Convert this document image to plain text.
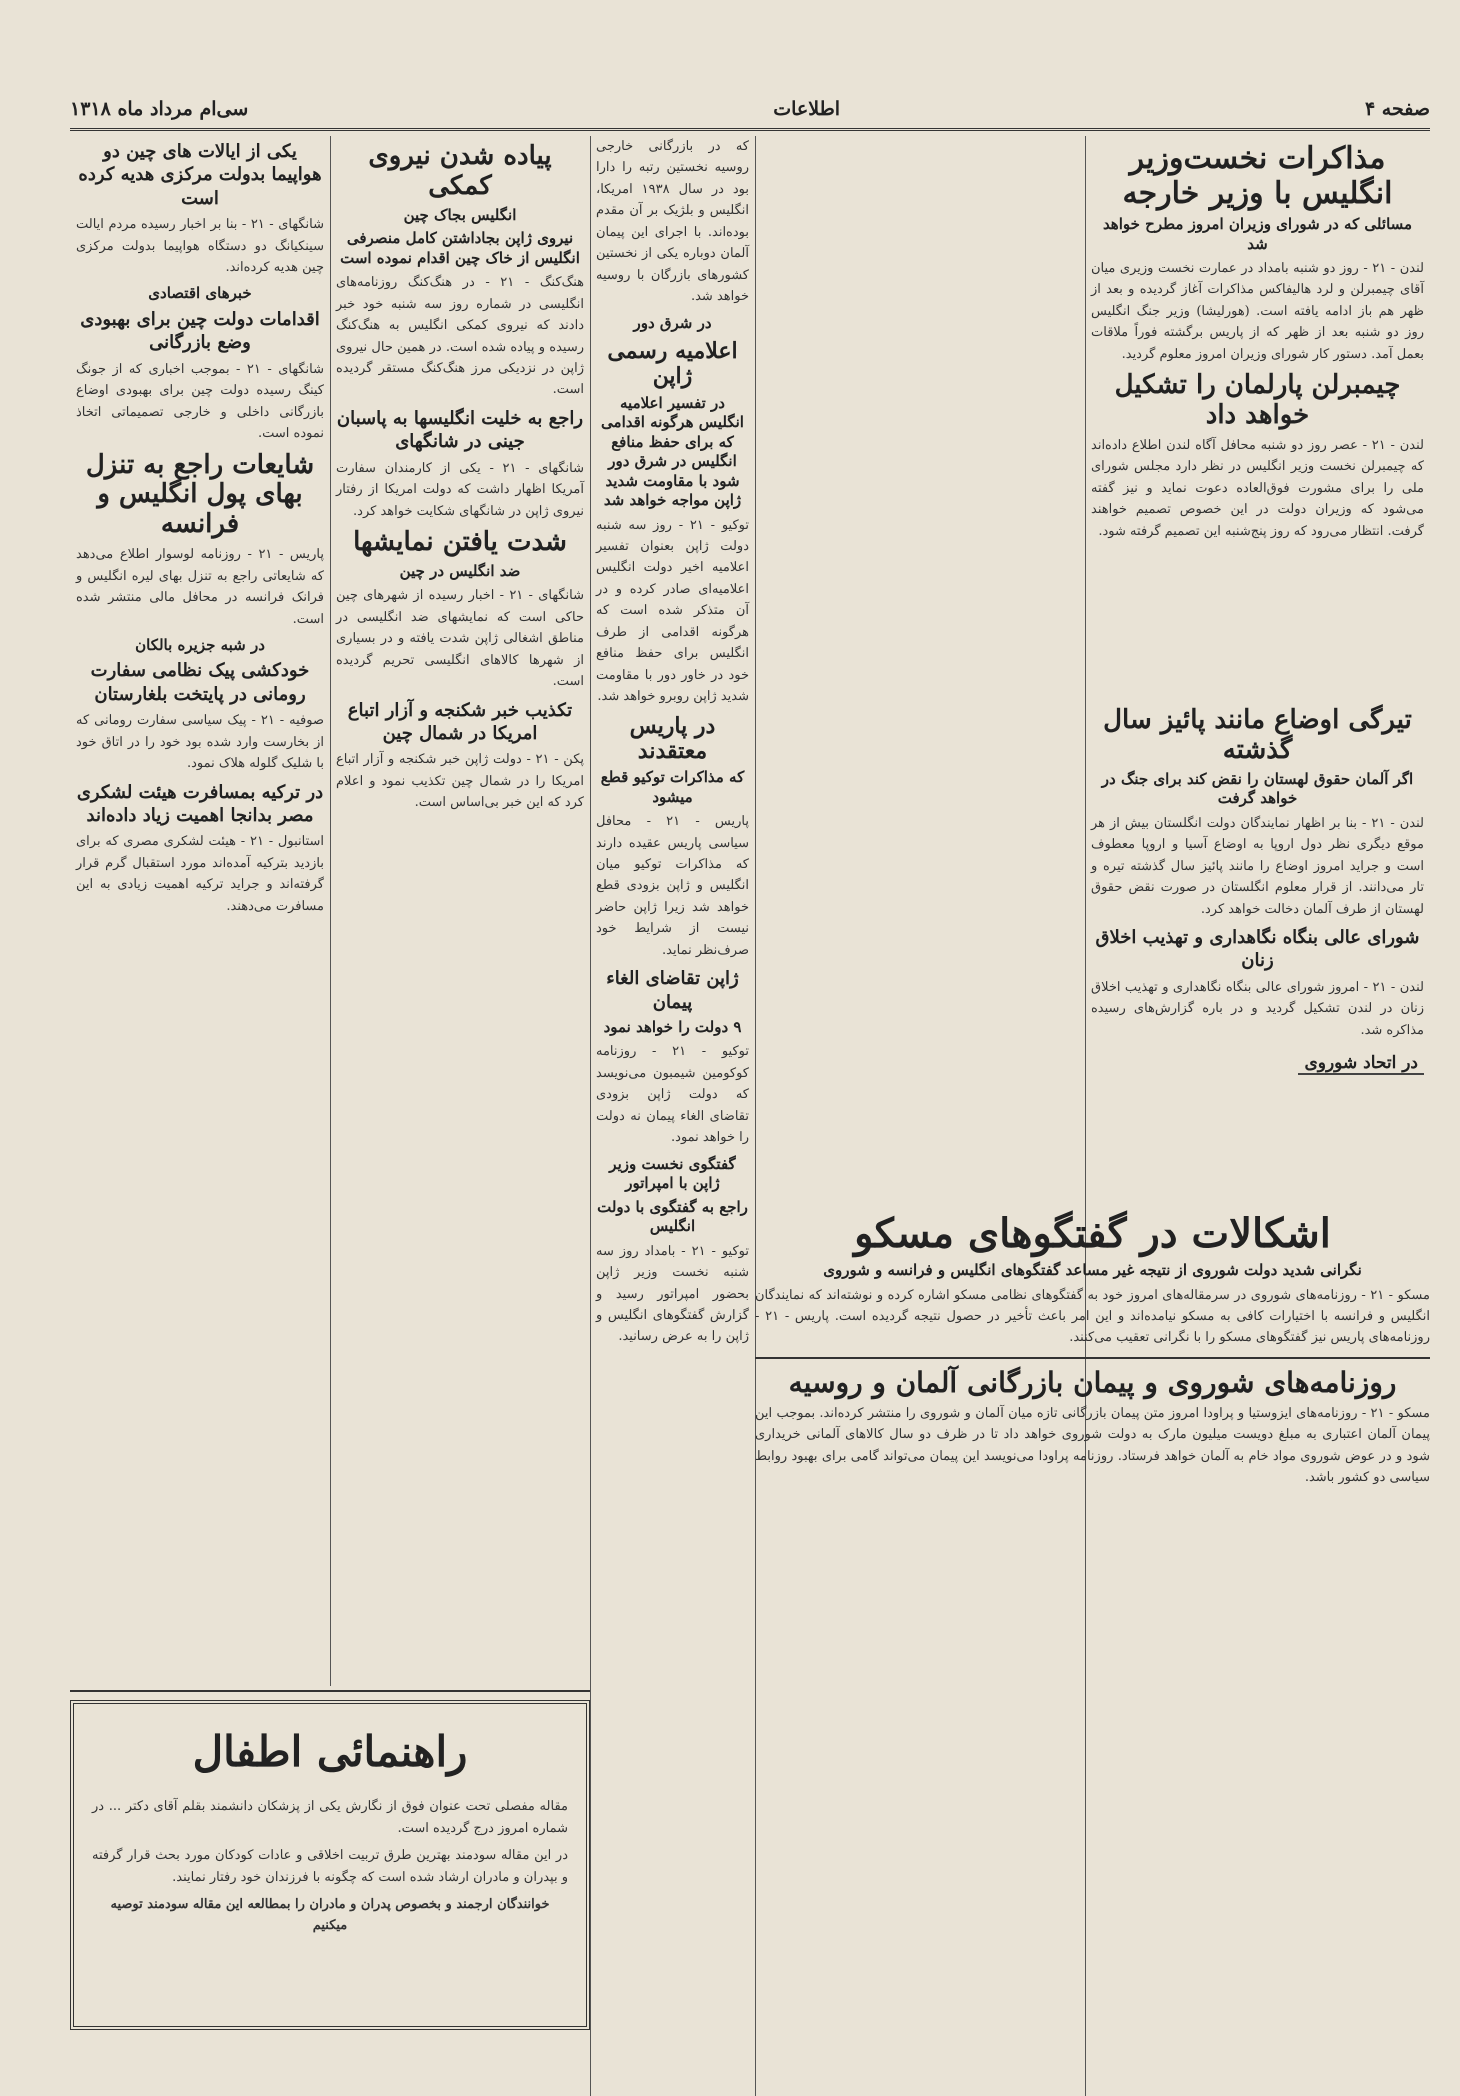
صفحه ۴
اطلاعات
سی‌ام مرداد ماه ۱۳۱۸
مذاکرات نخست‌وزیر انگلیس با وزیر خارجه
مسائلی که در شورای وزیران امروز مطرح خواهد شد

لندن - ۲۱ - روز دو شنبه بامداد در عمارت نخست وزیری میان آقای چیمبرلن و لرد هالیفاکس مذاکرات آغاز گردیده و بعد از ظهر هم باز ادامه یافته است. (هورلیشا) وزیر جنگ انگلیس روز دو شنبه بعد از ظهر که از پاریس برگشته فوراً ملاقات بعمل آمد. دستور کار شورای وزیران امروز معلوم گردید.

چیمبرلن پارلمان را تشکیل خواهد داد

لندن - ۲۱ - عصر روز دو شنبه محافل آگاه لندن اطلاع داده‌اند که چیمبرلن نخست وزیر انگلیس در نظر دارد مجلس شورای ملی را برای مشورت فوق‌العاده دعوت نماید و نیز گفته می‌شود که وزیران دولت در این خصوص تصمیم خواهند گرفت. انتظار می‌رود که روز پنج‌شنبه این تصمیم گرفته شود.

تیرگی اوضاع مانند پائیز سال گذشته
اگر آلمان حقوق لهستان را نقض کند برای جنگ در خواهد گرفت

لندن - ۲۱ - بنا بر اظهار نمایندگان دولت انگلستان بیش از هر موقع دیگری نظر دول اروپا به اوضاع آسیا و اروپا معطوف است و جراید امروز اوضاع را مانند پائیز سال گذشته تیره و تار می‌دانند. از قرار معلوم انگلستان در صورت نقض حقوق لهستان از طرف آلمان دخالت خواهد کرد.

شورای عالی بنگاه نگاهداری و تهذیب اخلاق زنان

لندن - ۲۱ - امروز شورای عالی بنگاه نگاهداری و تهذیب اخلاق زنان در لندن تشکیل گردید و در باره گزارش‌های رسیده مذاکره شد.

در اتحاد شوروی
اشکالات در گفتگوهای مسکو
نگرانی شدید دولت شوروی از نتیجه غیر مساعد گفتگوهای انگلیس و فرانسه و شوروی

مسکو - ۲۱ - روزنامه‌های شوروی در سرمقاله‌های امروز خود به گفتگوهای نظامی مسکو اشاره کرده و نوشته‌اند که نمایندگان انگلیس و فرانسه با اختیارات کافی به مسکو نیامده‌اند و این امر باعث تأخیر در حصول نتیجه گردیده است. پاریس - ۲۱ - روزنامه‌های پاریس نیز گفتگوهای مسکو را با نگرانی تعقیب می‌کنند.

روزنامه‌های شوروی و پیمان بازرگانی آلمان و روسیه

مسکو - ۲۱ - روزنامه‌های ایزوستیا و پراودا امروز متن پیمان بازرگانی تازه میان آلمان و شوروی را منتشر کرده‌اند. بموجب این پیمان آلمان اعتباری به مبلغ دویست میلیون مارک به دولت شوروی خواهد داد تا در ظرف دو سال کالاهای آلمانی خریداری شود و در عوض شوروی مواد خام به آلمان خواهد فرستاد. روزنامه پراودا می‌نویسد این پیمان می‌تواند گامی برای بهبود روابط سیاسی دو کشور باشد.

که در بازرگانی خارجی روسیه نخستین رتبه را دارا بود در سال ۱۹۳۸ امریکا، انگلیس و بلژیک بر آن مقدم بوده‌اند. با اجرای این پیمان آلمان دوباره یکی از نخستین کشورهای بازرگان با روسیه خواهد شد.

در شرق دور
اعلامیه رسمی ژاپن
در تفسیر اعلامیه انگلیس هرگونه اقدامی که برای حفظ منافع انگلیس در شرق دور شود با مقاومت شدید ژاپن مواجه خواهد شد

توکیو - ۲۱ - روز سه شنبه دولت ژاپن بعنوان تفسیر اعلامیه اخیر دولت انگلیس اعلامیه‌ای صادر کرده و در آن متذکر شده است که هرگونه اقدامی از طرف انگلیس برای حفظ منافع خود در خاور دور با مقاومت شدید ژاپن روبرو خواهد شد.

در پاریس معتقدند
که مذاکرات توکیو قطع میشود

پاریس - ۲۱ - محافل سیاسی پاریس عقیده دارند که مذاکرات توکیو میان انگلیس و ژاپن بزودی قطع خواهد شد زیرا ژاپن حاضر نیست از شرایط خود صرف‌نظر نماید.

ژاپن تقاضای الغاء پیمان
۹ دولت را خواهد نمود

توکیو - ۲۱ - روزنامه کوکومین شیمبون می‌نویسد که دولت ژاپن بزودی تقاضای الغاء پیمان نه دولت را خواهد نمود.

گفتگوی نخست وزیر ژاپن با امپراتور
راجع به گفتگوی با دولت انگلیس

توکیو - ۲۱ - بامداد روز سه شنبه نخست وزیر ژاپن بحضور امپراتور رسید و گزارش گفتگوهای انگلیس و ژاپن را به عرض رسانید.

پیاده شدن نیروی کمکی
انگلیس بجاک چین
نیروی ژاپن بجاداشتن کامل منصرفی انگلیس از خاک چین اقدام نموده است

هنگ‌کنگ - ۲۱ - در هنگ‌کنگ روزنامه‌های انگلیسی در شماره روز سه شنبه خود خبر دادند که نیروی کمکی انگلیس به هنگ‌کنگ رسیده و پیاده شده است. در همین حال نیروی ژاپن در نزدیکی مرز هنگ‌کنگ مستقر گردیده است.

راجع به خلیت انگلیسها به پاسبان جینی در شانگهای

شانگهای - ۲۱ - یکی از کارمندان سفارت آمریکا اظهار داشت که دولت امریکا از رفتار نیروی ژاپن در شانگهای شکایت خواهد کرد.

شدت یافتن نمایشها
ضد انگلیس در چین

شانگهای - ۲۱ - اخبار رسیده از شهرهای چین حاکی است که نمایشهای ضد انگلیسی در مناطق اشغالی ژاپن شدت یافته و در بسیاری از شهرها کالاهای انگلیسی تحریم گردیده است.

تکذیب خبر شکنجه و آزار اتباع امریکا در شمال چین

پکن - ۲۱ - دولت ژاپن خبر شکنجه و آزار اتباع امریکا را در شمال چین تکذیب نمود و اعلام کرد که این خبر بی‌اساس است.

یکی از ایالات های چین دو هواپیما بدولت مرکزی هدیه کرده است

شانگهای - ۲۱ - بنا بر اخبار رسیده مردم ایالت سینکیانگ دو دستگاه هواپیما بدولت مرکزی چین هدیه کرده‌اند.

خبرهای اقتصادی
اقدامات دولت چین برای بهبودی وضع بازرگانی

شانگهای - ۲۱ - بموجب اخباری که از جونگ کینگ رسیده دولت چین برای بهبودی اوضاع بازرگانی داخلی و خارجی تصمیماتی اتخاذ نموده است.

شایعات راجع به تنزل بهای پول انگلیس و فرانسه

پاریس - ۲۱ - روزنامه لوسوار اطلاع می‌دهد که شایعاتی راجع به تنزل بهای لیره انگلیس و فرانک فرانسه در محافل مالی منتشر شده است.

در شبه جزیره بالکان
خودکشی پیک نظامی سفارت رومانی در پایتخت بلغارستان

صوفیه - ۲۱ - پیک سیاسی سفارت رومانی که از بخارست وارد شده بود خود را در اتاق خود با شلیک گلوله هلاک نمود.

در ترکیه بمسافرت هیئت لشکری مصر بدانجا اهمیت زیاد داده‌اند

استانبول - ۲۱ - هیئت لشکری مصری که برای بازدید بترکیه آمده‌اند مورد استقبال گرم قرار گرفته‌اند و جراید ترکیه اهمیت زیادی به این مسافرت می‌دهند.

راهنمائی اطفال

مقاله مفصلی تحت عنوان فوق از نگارش یکی از پزشکان دانشمند بقلم آقای دکتر ... در شماره امروز درج گردیده است.

در این مقاله سودمند بهترین طرق تربیت اخلاقی و عادات کودکان مورد بحث قرار گرفته و بپدران و مادران ارشاد شده است که چگونه با فرزندان خود رفتار نمایند.

خوانندگان ارجمند و بخصوص پدران و مادران را بمطالعه این مقاله سودمند توصیه میکنیم
